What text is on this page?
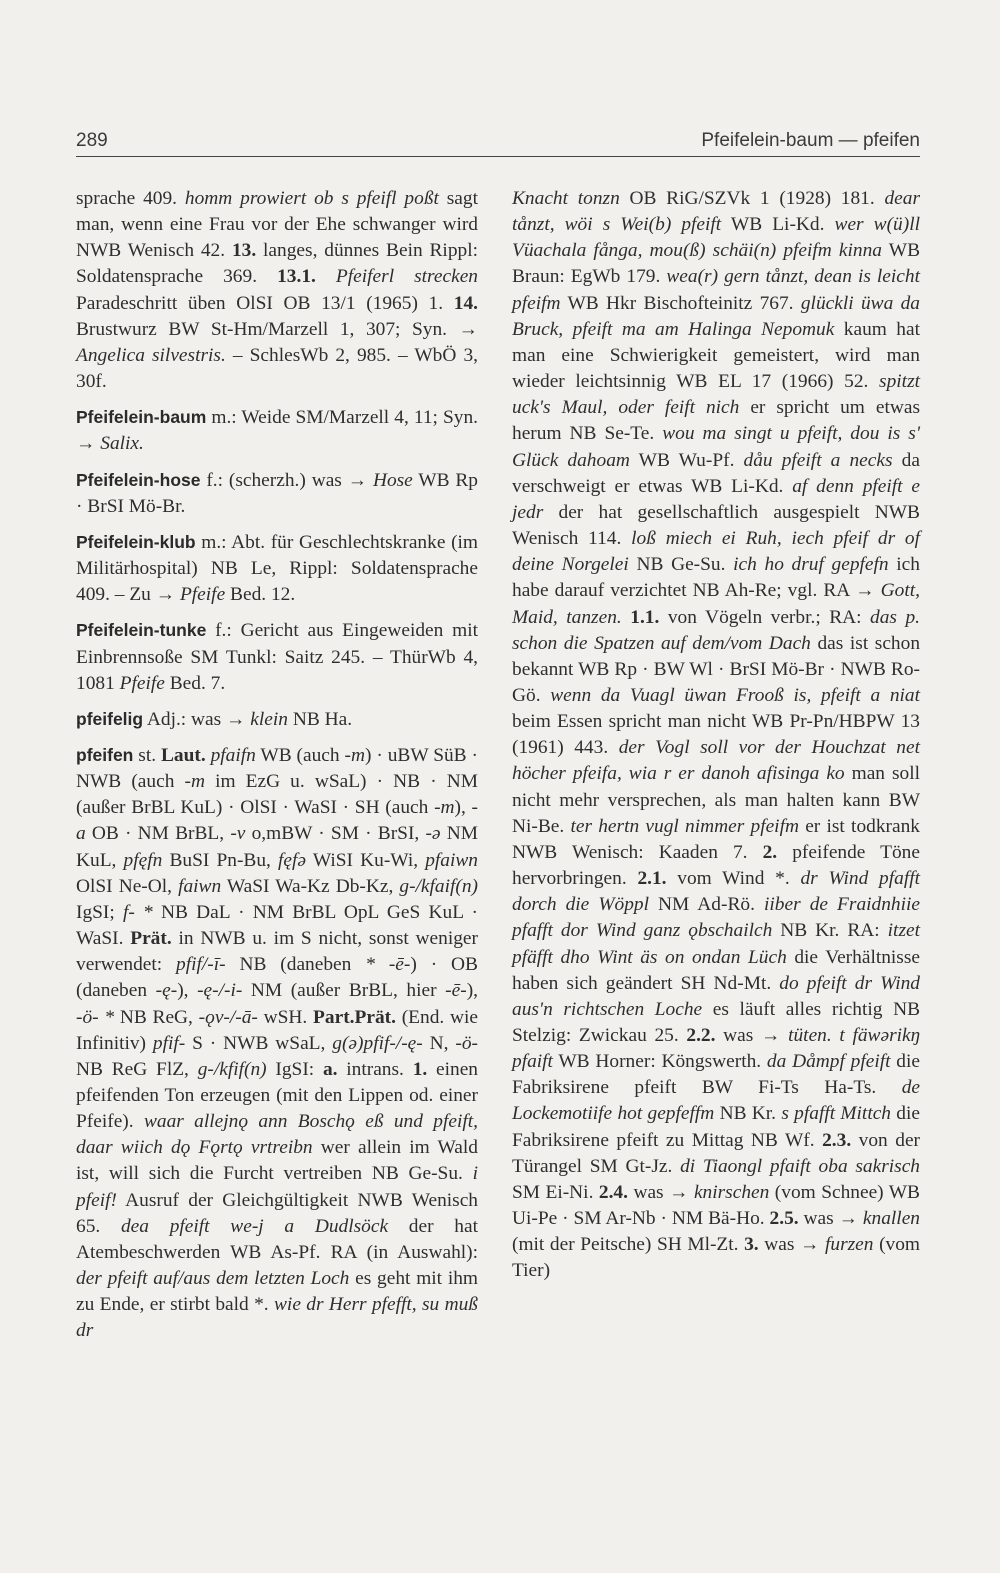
289	Pfeifelein-baum — pfeifen

sprache 409. homm prowiert ob s pfeifl poßt sagt man, wenn eine Frau vor der Ehe schwanger wird NWB Wenisch 42. 13. langes, dünnes Bein Rippl: Soldatensprache 369. 13.1. Pfeiferl strecken Paradeschritt üben OlSI OB 13/1 (1965) 1. 14. Brustwurz BW St-Hm/Marzell 1, 307; Syn. → Angelica silvestris. – SchlesWb 2, 985. – WbÖ 3, 30f.

Pfeifelein-baum m.: Weide SM/Marzell 4, 11; Syn. → Salix.

Pfeifelein-hose f.: (scherzh.) was → Hose WB Rp · BrSI Mö-Br.

Pfeifelein-klub m.: Abt. für Geschlechtskranke (im Militärhospital) NB Le, Rippl: Soldatensprache 409. – Zu → Pfeife Bed. 12.

Pfeifelein-tunke f.: Gericht aus Eingeweiden mit Einbrennsoße SM Tunkl: Saitz 245. – ThürWb 4, 1081 Pfeife Bed. 7.

pfeifelig Adj.: was → klein NB Ha.

pfeifen st. Laut. pfaifn WB (auch -m) · uBW SüB · NWB (auch -m im EzG u. wSaL) · NB · NM (außer BrBL KuL) · OlSI · WaSI · SH (auch -m), -a OB · NM BrBL, -v o,mBW · SM · BrSI, -ə NM KuL, pfęfn BuSI Pn-Bu, fęfə WiSI Ku-Wi, pfaiwn OlSI Ne-Ol, faiwn WaSI Wa-Kz Db-Kz, g-/kfaif(n) IgSI; f- * NB DaL · NM BrBL OpL GeS KuL · WaSI. Prät. in NWB u. im S nicht, sonst weniger verwendet: pfif/-ī- NB (daneben * -ē-) · OB (daneben -ę-), -ę-/-i- NM (außer BrBL, hier -ē-), -ö- * NB ReG, -ǫv-/-ā- wSH. Part.Prät. (End. wie Infinitiv) pfif- S · NWB wSaL, g(ə)pfif-/-ę- N, -ö- NB ReG FlZ, g-/kfif(n) IgSI: a. intrans. 1. einen pfeifenden Ton erzeugen (mit den Lippen od. einer Pfeife). waar allejnǫ ann Boschǫ eß und pfeift, daar wiich dǫ Fǫrtǫ vrtreibn wer allein im Wald ist, will sich die Furcht vertreiben NB Ge-Su. i pfeif! Ausruf der Gleichgültigkeit NWB Wenisch 65. dea pfeift we-j a Dudlsöck der hat Atembeschwerden WB As-Pf. RA (in Auswahl): der pfeift auf/aus dem letzten Loch es geht mit ihm zu Ende, er stirbt bald *. wie dr Herr pfefft, su muß dr

Knacht tonzn OB RiG/SZVk 1 (1928) 181. dear tånzt, wöi s Wei(b) pfeift WB Li-Kd. wer w(ü)ll Vüachala fånga, mou(ß) schäi(n) pfeifm kinna WB Braun: EgWb 179. wea(r) gern tånzt, dean is leicht pfeifm WB Hkr Bischofteinitz 767. glückli üwa da Bruck, pfeift ma am Halinga Nepomuk kaum hat man eine Schwierigkeit gemeistert, wird man wieder leichtsinnig WB EL 17 (1966) 52. spitzt uck's Maul, oder feift nich er spricht um etwas herum NB Se-Te. wou ma singt u pfeift, dou is s' Glück dahoam WB Wu-Pf. dåu pfeift a necks da verschweigt er etwas WB Li-Kd. af denn pfeift e jedr der hat gesellschaftlich ausgespielt NWB Wenisch 114. loß miech ei Ruh, iech pfeif dr of deine Norgelei NB Ge-Su. ich ho druf gepfefn ich habe darauf verzichtet NB Ah-Re; vgl. RA → Gott, Maid, tanzen. 1.1. von Vögeln verbr.; RA: das p. schon die Spatzen auf dem/vom Dach das ist schon bekannt WB Rp · BW Wl · BrSI Mö-Br · NWB Ro-Gö. wenn da Vuagl üwan Frooß is, pfeift a niat beim Essen spricht man nicht WB Pr-Pn/HBPW 13 (1961) 443. der Vogl soll vor der Houchzat net höcher pfeifa, wia r er danoh afisinga ko man soll nicht mehr versprechen, als man halten kann BW Ni-Be. ter hertn vugl nimmer pfeifm er ist todkrank NWB Wenisch: Kaaden 7. 2. pfeifende Töne hervorbringen. 2.1. vom Wind *. dr Wind pfafft dorch die Wöppl NM Ad-Rö. iiber de Fraidnhiie pfafft dor Wind ganz ǫbschailch NB Kr. RA: itzet pfäfft dho Wint äs on ondan Lüch die Verhältnisse haben sich geändert SH Nd-Mt. do pfeift dr Wind aus'n richtschen Loche es läuft alles richtig NB Stelzig: Zwickau 25. 2.2. was → tüten. t fäwərikŋ pfaift WB Horner: Köngswerth. da Dåmpf pfeift die Fabriksirene pfeift BW Fi-Ts Ha-Ts. de Lockemotiife hot gepfeffm NB Kr. s pfafft Mittch die Fabriksirene pfeift zu Mittag NB Wf. 2.3. von der Türangel SM Gt-Jz. di Tiaongl pfaift oba sakrisch SM Ei-Ni. 2.4. was → knirschen (vom Schnee) WB Ui-Pe · SM Ar-Nb · NM Bä-Ho. 2.5. was → knallen (mit der Peitsche) SH Ml-Zt. 3. was → furzen (vom Tier)
